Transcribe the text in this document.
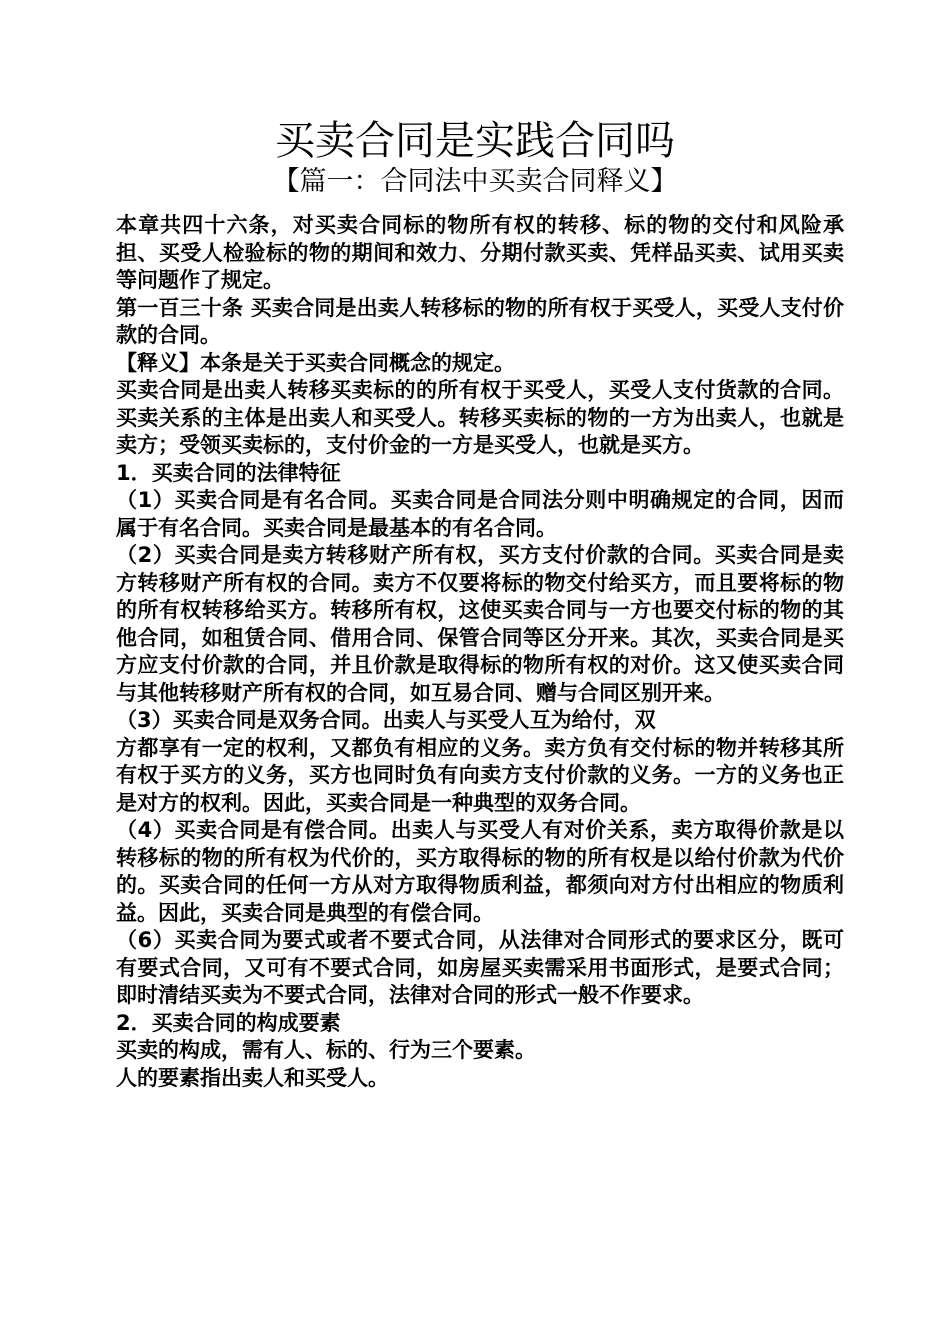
买卖合同是实践合同吗
【篇一：合同法中买卖合同释义】

本章共四十六条，对买卖合同标的物所有权的转移、标的物的交付和风险承担、买受人检验标的物的期间和效力、分期付款买卖、凭样品买卖、试用买卖等问题作了规定。

第一百三十条 买卖合同是出卖人转移标的物的所有权于买受人，买受人支付价款的合同。

【释义】本条是关于买卖合同概念的规定。

买卖合同是出卖人转移买卖标的的所有权于买受人，买受人支付货款的合同。买卖关系的主体是出卖人和买受人。转移买卖标的物的一方为出卖人，也就是卖方；受领买卖标的，支付价金的一方是买受人，也就是买方。

1．买卖合同的法律特征

（1）买卖合同是有名合同。买卖合同是合同法分则中明确规定的合同，因而属于有名合同。买卖合同是最基本的有名合同。

（2）买卖合同是卖方转移财产所有权，买方支付价款的合同。买卖合同是卖方转移财产所有权的合同。卖方不仅要将标的物交付给买方，而且要将标的物的所有权转移给买方。转移所有权，这使买卖合同与一方也要交付标的物的其他合同，如租赁合同、借用合同、保管合同等区分开来。其次，买卖合同是买方应支付价款的合同，并且价款是取得标的物所有权的对价。这又使买卖合同与其他转移财产所有权的合同，如互易合同、赠与合同区别开来。

（3）买卖合同是双务合同。出卖人与买受人互为给付，双

方都享有一定的权利，又都负有相应的义务。卖方负有交付标的物并转移其所有权于买方的义务，买方也同时负有向卖方支付价款的义务。一方的义务也正是对方的权利。因此，买卖合同是一种典型的双务合同。

（4）买卖合同是有偿合同。出卖人与买受人有对价关系，卖方取得价款是以转移标的物的所有权为代价的，买方取得标的物的所有权是以给付价款为代价的。买卖合同的任何一方从对方取得物质利益，都须向对方付出相应的物质利益。因此，买卖合同是典型的有偿合同。

（6）买卖合同为要式或者不要式合同，从法律对合同形式的要求区分，既可有要式合同，又可有不要式合同，如房屋买卖需采用书面形式，是要式合同；即时清结买卖为不要式合同，法律对合同的形式一般不作要求。

2．买卖合同的构成要素

买卖的构成，需有人、标的、行为三个要素。

人的要素指出卖人和买受人。
